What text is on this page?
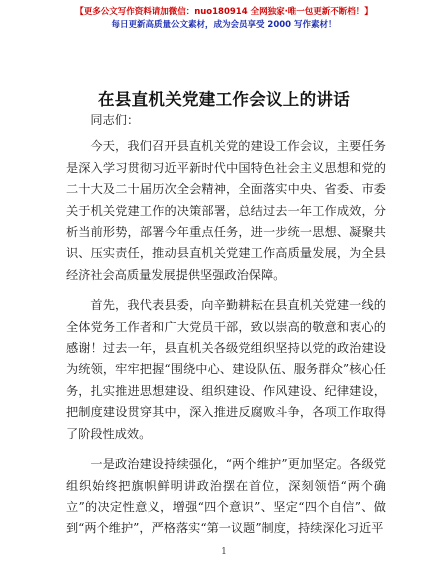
【更多公文写作资料请加微信：nuo180914 全网独家·唯一包更新不断档！】
每日更新高质量公文素材，成为会员享受 2000 写作素材！
在县直机关党建工作会议上的讲话

同志们：

今天，我们召开县直机关党的建设工作会议，主要任务是深入学习贯彻习近平新时代中国特色社会主义思想和党的二十大及二十届历次全会精神，全面落实中央、省委、市委关于机关党建工作的决策部署，总结过去一年工作成效，分析当前形势，部署今年重点任务，进一步统一思想、凝聚共识、压实责任，推动县直机关党建工作高质量发展，为全县经济社会高质量发展提供坚强政治保障。

首先，我代表县委，向辛勤耕耘在县直机关党建一线的全体党务工作者和广大党员干部，致以崇高的敬意和衷心的感谢！过去一年，县直机关各级党组织坚持以党的政治建设为统领，牢牢把握“围绕中心、建设队伍、服务群众”核心任务，扎实推进思想建设、组织建设、作风建设、纪律建设，把制度建设贯穿其中，深入推进反腐败斗争，各项工作取得了阶段性成效。

一是政治建设持续强化，“两个维护”更加坚定。各级党组织始终把旗帜鲜明讲政治摆在首位，深刻领悟“两个确立”的决定性意义，增强“四个意识”、坚定“四个自信”、做到“两个维护”，严格落实“第一议题”制度，持续深化习近平

1
